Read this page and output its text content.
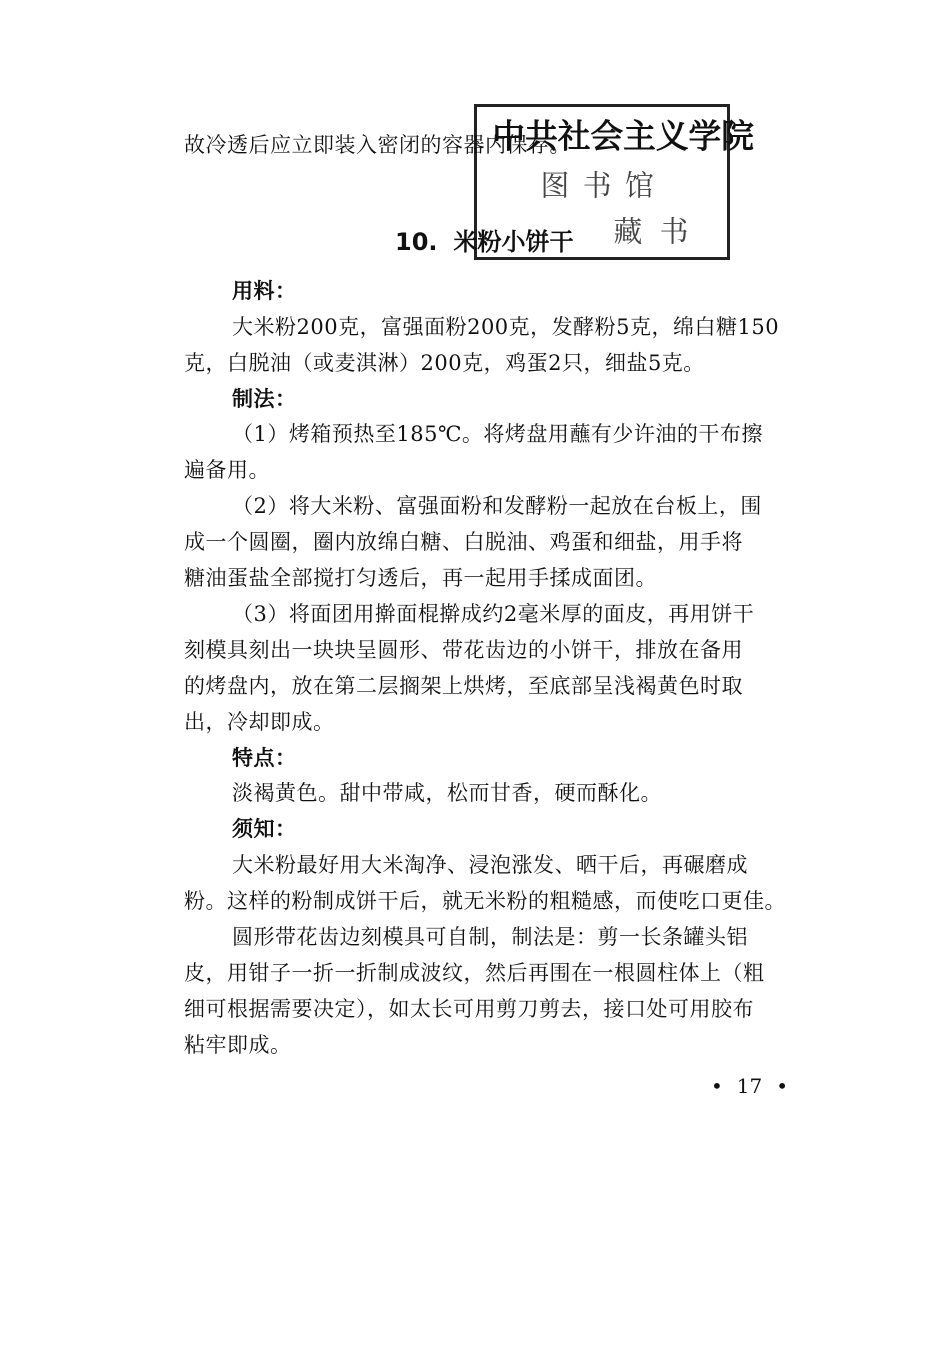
中共社会主义学院
图书馆
藏书
故冷透后应立即装入密闭的容器内保存。
10. 米粉小饼干
用料：
大米粉200克，富强面粉200克，发酵粉5克，绵白糖150
克，白脱油（或麦淇淋）200克，鸡蛋2只，细盐5克。
制法：
（1）烤箱预热至185℃。将烤盘用蘸有少许油的干布擦
遍备用。
（2）将大米粉、富强面粉和发酵粉一起放在台板上，围
成一个圆圈，圈内放绵白糖、白脱油、鸡蛋和细盐，用手将
糖油蛋盐全部搅打匀透后，再一起用手揉成面团。
（3）将面团用擀面棍擀成约2毫米厚的面皮，再用饼干
刻模具刻出一块块呈圆形、带花齿边的小饼干，排放在备用
的烤盘内，放在第二层搁架上烘烤，至底部呈浅褐黄色时取
出，冷却即成。
特点：
淡褐黄色。甜中带咸，松而甘香，硬而酥化。
须知：
大米粉最好用大米淘净、浸泡涨发、晒干后，再碾磨成
粉。这样的粉制成饼干后，就无米粉的粗糙感，而使吃口更佳。
圆形带花齿边刻模具可自制，制法是：剪一长条罐头铝
皮，用钳子一折一折制成波纹，然后再围在一根圆柱体上（粗
细可根据需要决定），如太长可用剪刀剪去，接口处可用胶布
粘牢即成。
• 17 •
